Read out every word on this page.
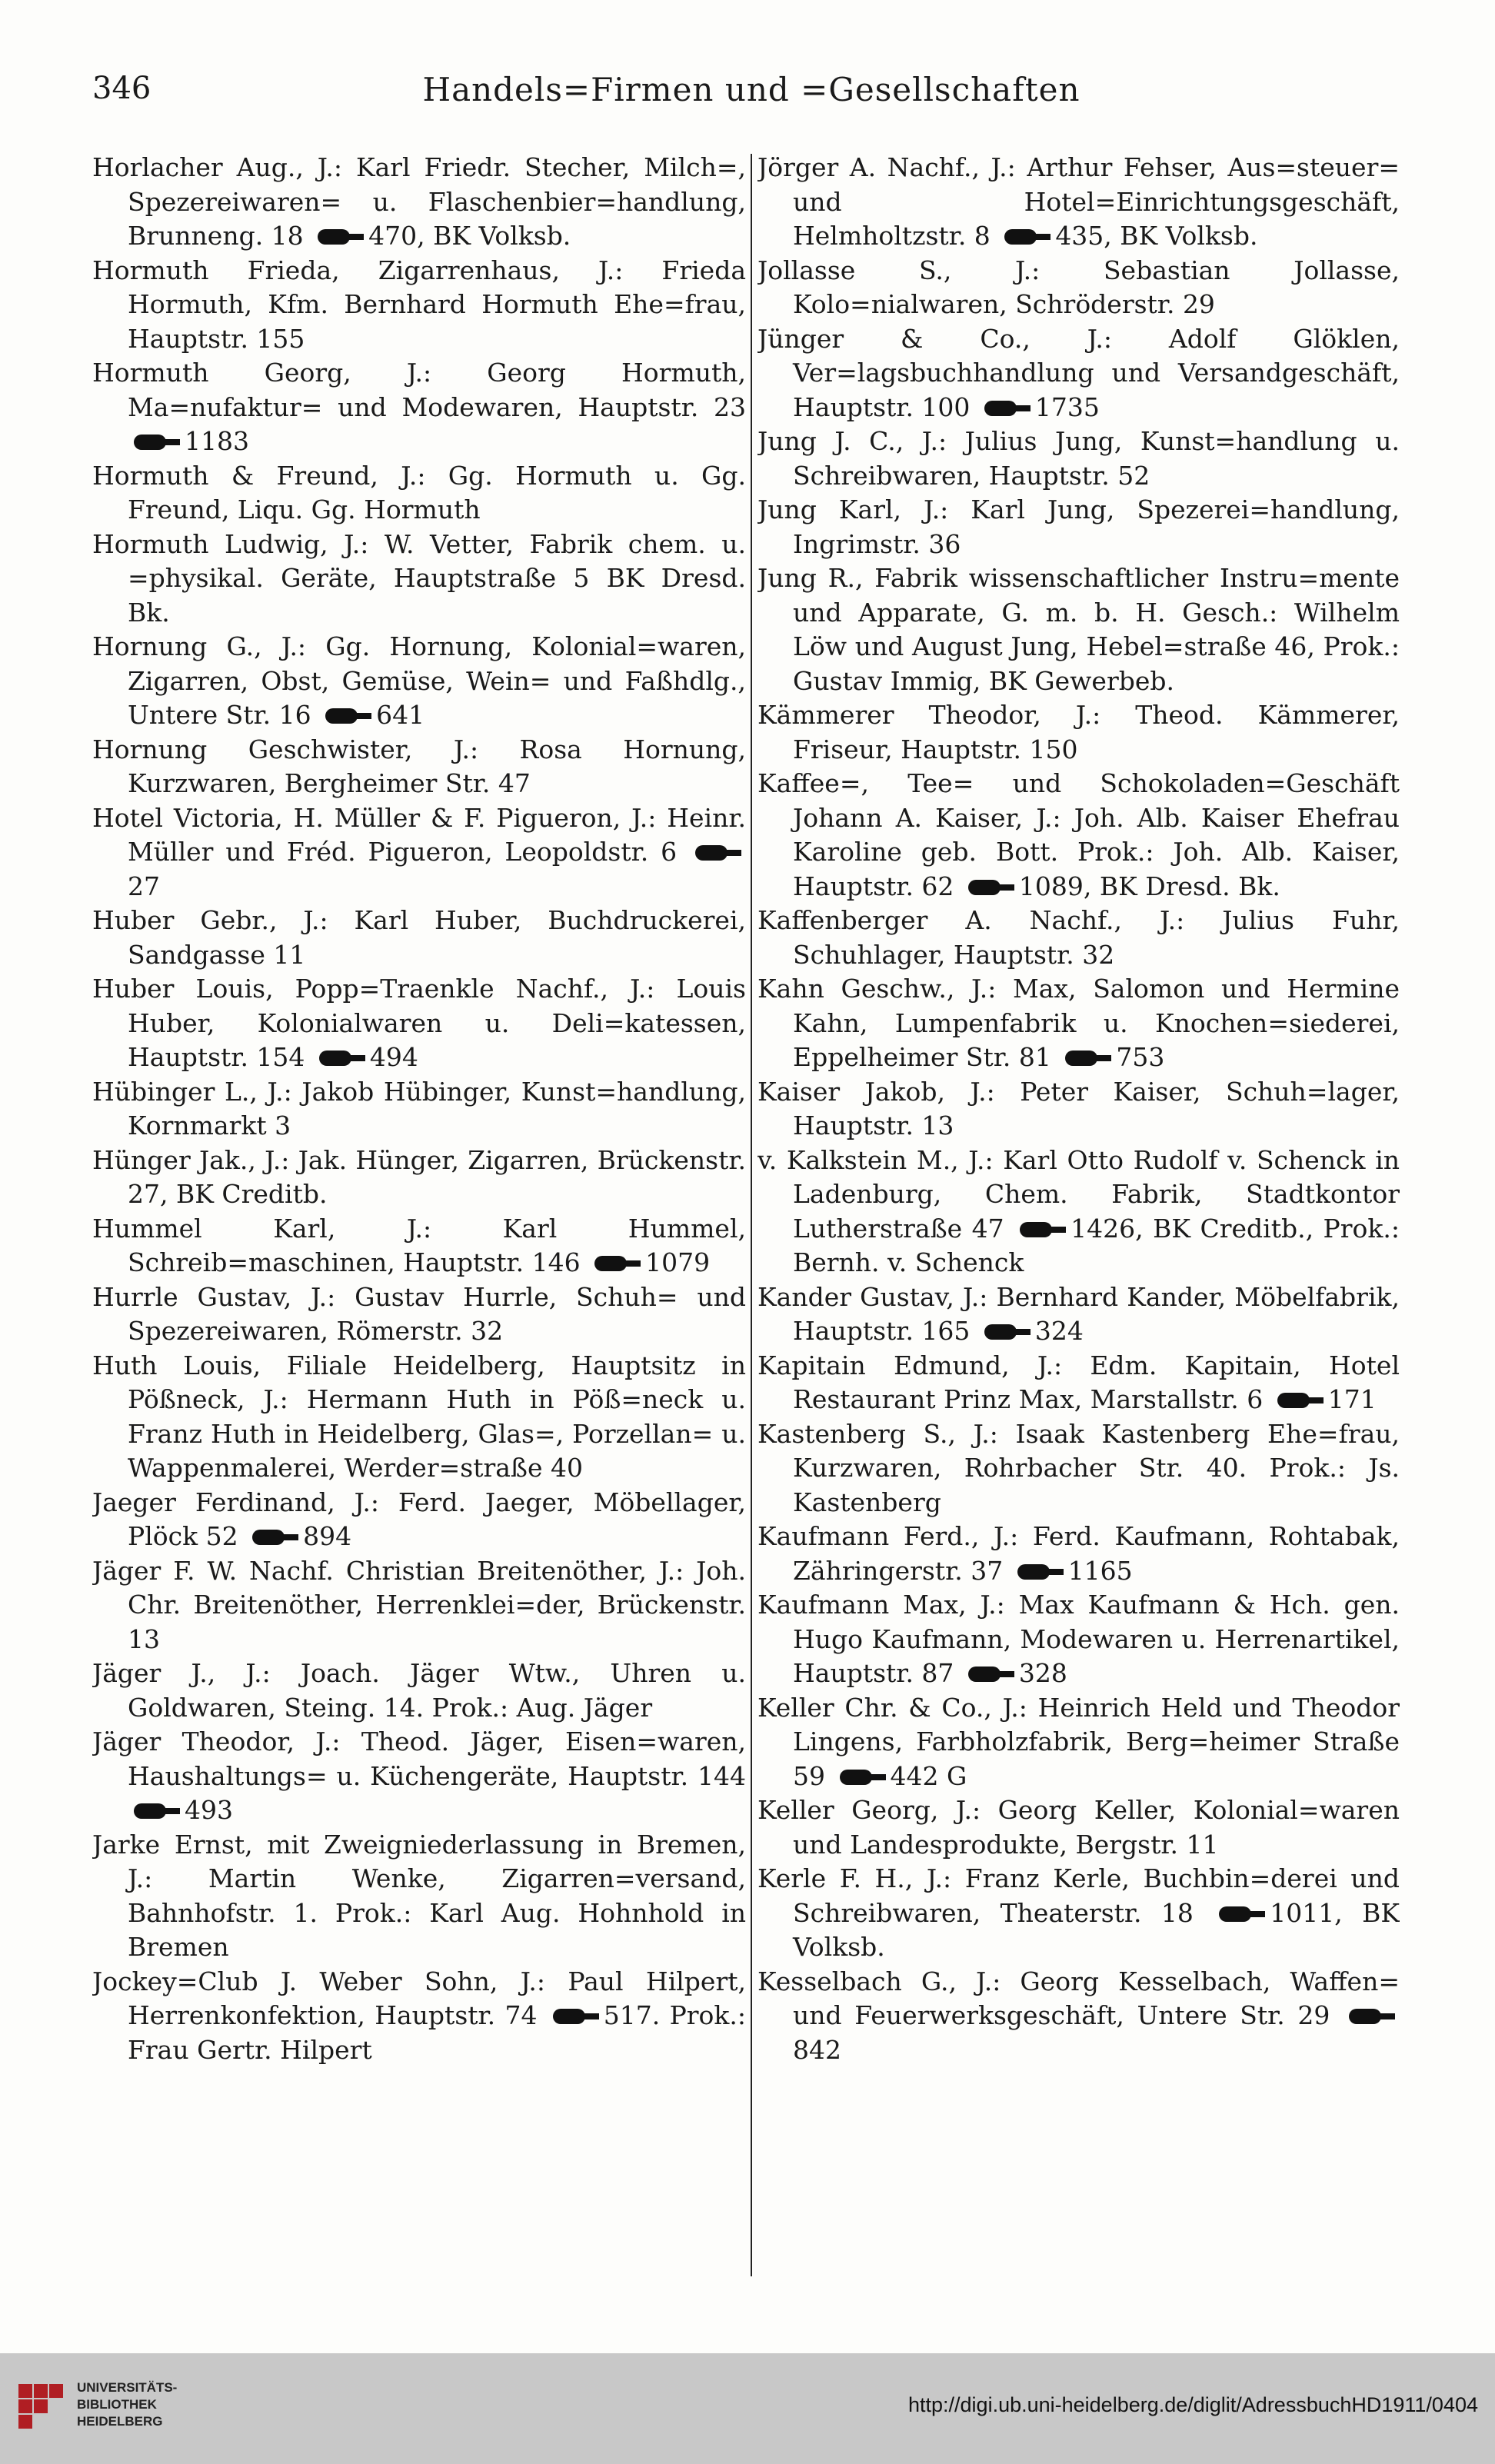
346	Handels=Firmen und =Gesellschaften

Horlacher Aug., J.: Karl Friedr. Stecher, Milch=, Spezereiwaren= u. Flaschenbier=handlung, Brunneng. 18	470, BK Volksb.

Hormuth Frieda, Zigarrenhaus, J.: Frieda Hormuth, Kfm. Bernhard Hormuth Ehe=frau, Hauptstr. 155

Hormuth Georg, J.: Georg Hormuth, Ma=nufaktur= und Modewaren, Hauptstr. 23 1183

Hormuth & Freund, J.: Gg. Hormuth u. Gg. Freund, Liqu. Gg. Hormuth

Hormuth Ludwig, J.: W. Vetter, Fabrik chem. u. =physikal. Geräte, Hauptstraße 5 BK Dresd. Bk.

Hornung G., J.: Gg. Hornung, Kolonial=waren, Zigarren, Obst, Gemüse, Wein= und Faßhdlg., Untere Str. 16	641

Hornung Geschwister, J.: Rosa Hornung, Kurzwaren, Bergheimer Str. 47

Hotel Victoria, H. Müller & F. Pigueron, J.: Heinr. Müller und Fréd. Pigueron, Leopoldstr. 6 27

Huber Gebr., J.: Karl Huber, Buchdruckerei, Sandgasse 11

Huber Louis, Popp=Traenkle Nachf., J.: Louis Huber, Kolonialwaren u. Deli=katessen, Hauptstr. 154	494

Hübinger L., J.: Jakob Hübinger, Kunst=handlung, Kornmarkt 3

Hünger Jak., J.: Jak. Hünger, Zigarren, Brückenstr. 27, BK Creditb.

Hummel Karl, J.: Karl Hummel, Schreib=maschinen, Hauptstr. 146	1079

Hurrle Gustav, J.: Gustav Hurrle, Schuh= und Spezereiwaren, Römerstr. 32

Huth Louis, Filiale Heidelberg, Hauptsitz in Pößneck, J.: Hermann Huth in Pöß=neck u. Franz Huth in Heidelberg, Glas=, Porzellan= u. Wappenmalerei, Werder=straße 40

Jaeger Ferdinand, J.: Ferd. Jaeger, Möbellager, Plöck 52	894

Jäger F. W. Nachf. Christian Breitenöther, J.: Joh. Chr. Breitenöther, Herrenklei=der, Brückenstr. 13

Jäger J., J.: Joach. Jäger Wtw., Uhren u. Goldwaren, Steing. 14. Prok.: Aug. Jäger

Jäger Theodor, J.: Theod. Jäger, Eisen=waren, Haushaltungs= u. Küchengeräte, Hauptstr. 144 493

Jarke Ernst, mit Zweigniederlassung in Bremen, J.: Martin Wenke, Zigarren=versand, Bahnhofstr. 1. Prok.: Karl Aug. Hohnhold in Bremen

Jockey=Club J. Weber Sohn, J.: Paul Hilpert, Herrenkonfektion, Hauptstr. 74	517. Prok.: Frau Gertr. Hilpert

Jörger A. Nachf., J.: Arthur Fehser, Aus=steuer= und Hotel=Einrichtungsgeschäft, Helmholtzstr. 8	435, BK Volksb.

Jollasse S., J.: Sebastian Jollasse, Kolo=nialwaren, Schröderstr. 29

Jünger & Co., J.: Adolf Glöklen, Ver=lagsbuchhandlung und Versandgeschäft, Hauptstr. 100	1735

Jung J. C., J.: Julius Jung, Kunst=handlung u. Schreibwaren, Hauptstr. 52

Jung Karl, J.: Karl Jung, Spezerei=handlung, Ingrimstr. 36

Jung R., Fabrik wissenschaftlicher Instru=mente und Apparate, G. m. b. H. Gesch.: Wilhelm Löw und August Jung, Hebel=straße 46, Prok.: Gustav Immig, BK Gewerbeb.

Kämmerer Theodor, J.: Theod. Kämmerer, Friseur, Hauptstr. 150

Kaffee=, Tee= und Schokoladen=Geschäft Johann A. Kaiser, J.: Joh. Alb. Kaiser Ehefrau Karoline geb. Bott. Prok.: Joh. Alb. Kaiser, Hauptstr. 62	1089, BK Dresd. Bk.

Kaffenberger A. Nachf., J.: Julius Fuhr, Schuhlager, Hauptstr. 32

Kahn Geschw., J.: Max, Salomon und Hermine Kahn, Lumpenfabrik u. Knochen=siederei, Eppelheimer Str. 81	753

Kaiser Jakob, J.: Peter Kaiser, Schuh=lager, Hauptstr. 13

v. Kalkstein M., J.: Karl Otto Rudolf v. Schenck in Ladenburg, Chem. Fabrik, Stadtkontor Lutherstraße 47	1426, BK Creditb., Prok.: Bernh. v. Schenck

Kander Gustav, J.: Bernhard Kander, Möbelfabrik, Hauptstr. 165	324

Kapitain Edmund, J.: Edm. Kapitain, Hotel Restaurant Prinz Max, Marstallstr. 6	171

Kastenberg S., J.: Isaak Kastenberg Ehe=frau, Kurzwaren, Rohrbacher Str. 40. Prok.: Js. Kastenberg

Kaufmann Ferd., J.: Ferd. Kaufmann, Rohtabak, Zähringerstr. 37	1165

Kaufmann Max, J.: Max Kaufmann & Hch. gen. Hugo Kaufmann, Modewaren u. Herrenartikel, Hauptstr. 87	328

Keller Chr. & Co., J.: Heinrich Held und Theodor Lingens, Farbholzfabrik, Berg=heimer Straße 59	442 G

Keller Georg, J.: Georg Keller, Kolonial=waren und Landesprodukte, Bergstr. 11

Kerle F. H., J.: Franz Kerle, Buchbin=derei und Schreibwaren, Theaterstr. 18	1011, BK Volksb.

Kesselbach G., J.: Georg Kesselbach, Waffen= und Feuerwerksgeschäft, Untere Str. 29 842

UNIVERSITÄTS-
BIBLIOTHEK
HEIDELBERG
http://digi.ub.uni-heidelberg.de/diglit/AdressbuchHD1911/0404
